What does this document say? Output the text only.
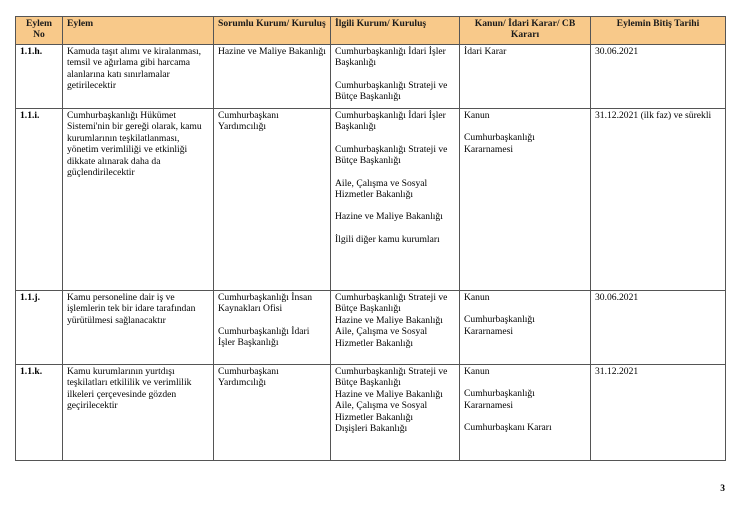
Eylem No	Eylem	Sorumlu Kurum/ Kuruluş	İlgili Kurum/ Kuruluş	Kanun/ İdari Karar/ CB Kararı	Eylemin Bitiş Tarihi
1.1.h.	Kamuda taşıt alımı ve kiralanması, temsil ve ağırlama gibi harcama alanlarına katı sınırlamalar getirilecektir	Hazine ve Maliye Bakanlığı	Cumhurbaşkanlığı İdari İşler Başkanlığı
Cumhurbaşkanlığı Strateji ve Bütçe Başkanlığı	İdari Karar	30.06.2021
1.1.i.	Cumhurbaşkanlığı Hükümet Sistemi'nin bir gereği olarak, kamu kurumlarının teşkilatlanması, yönetim verimliliği ve etkinliği dikkate alınarak daha da güçlendirilecektir	Cumhurbaşkanı Yardımcılığı	Cumhurbaşkanlığı İdari İşler Başkanlığı
Cumhurbaşkanlığı Strateji ve Bütçe Başkanlığı
Aile, Çalışma ve Sosyal Hizmetler Bakanlığı
Hazine ve Maliye Bakanlığı
İlgili diğer kamu kurumları	Kanun
Cumhurbaşkanlığı Kararnamesi	31.12.2021 (ilk faz) ve sürekli
1.1.j.	Kamu personeline dair iş ve işlemlerin tek bir idare tarafından yürütülmesi sağlanacaktır	Cumhurbaşkanlığı İnsan Kaynakları Ofisi
Cumhurbaşkanlığı İdari İşler Başkanlığı	Cumhurbaşkanlığı Strateji ve Bütçe Başkanlığı
Hazine ve Maliye Bakanlığı
Aile, Çalışma ve Sosyal Hizmetler Bakanlığı	Kanun
Cumhurbaşkanlığı Kararnamesi	30.06.2021
1.1.k.	Kamu kurumlarının yurtdışı teşkilatları etkililik ve verimlilik ilkeleri çerçevesinde gözden geçirilecektir	Cumhurbaşkanı Yardımcılığı	Cumhurbaşkanlığı Strateji ve Bütçe Başkanlığı
Hazine ve Maliye Bakanlığı
Aile, Çalışma ve Sosyal Hizmetler Bakanlığı
Dışişleri Bakanlığı	Kanun
Cumhurbaşkanlığı Kararnamesi
Cumhurbaşkanı Kararı	31.12.2021
3
